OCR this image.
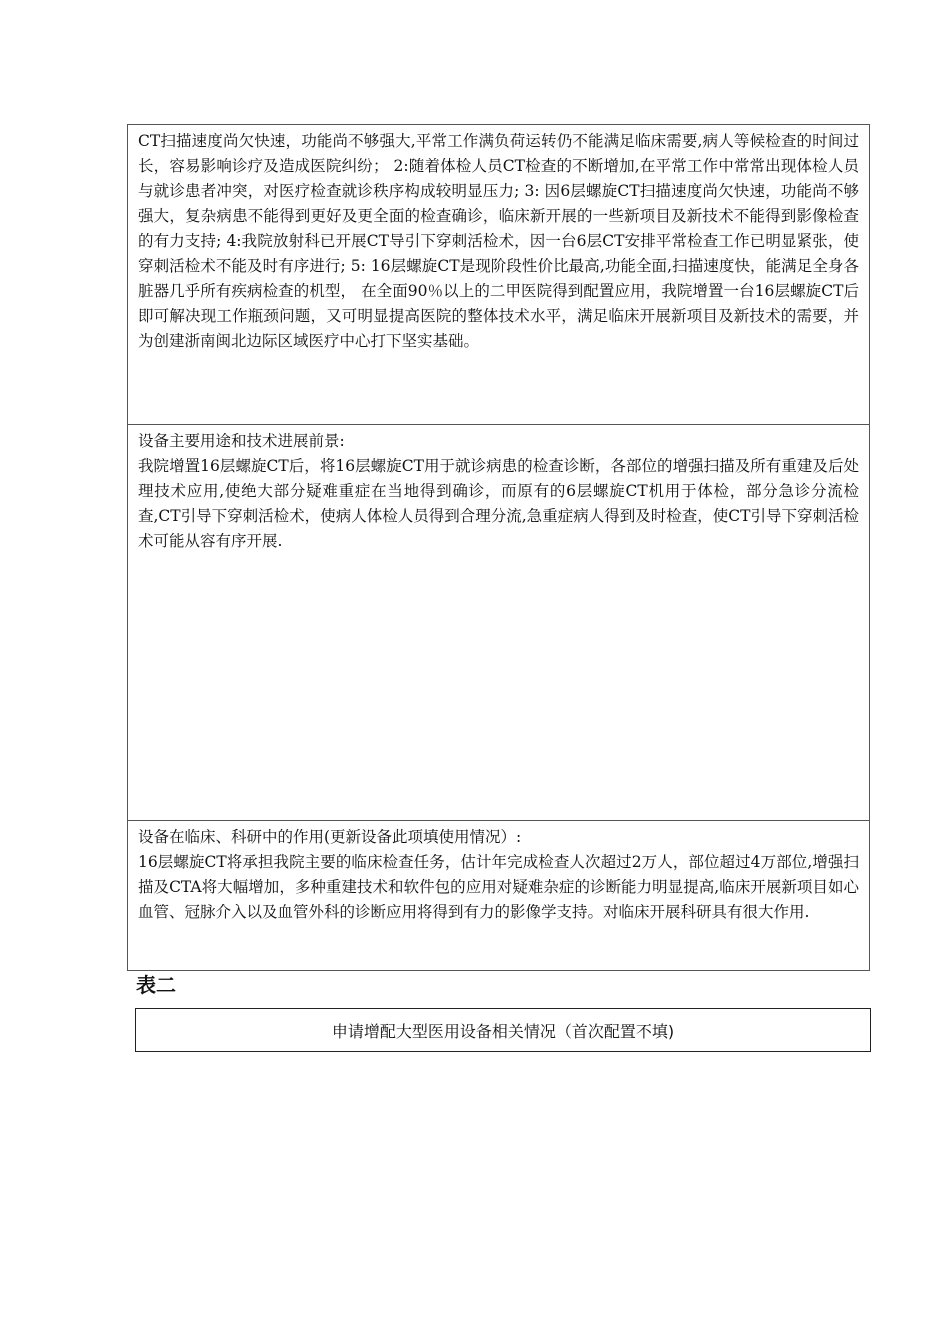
CT扫描速度尚欠快速，功能尚不够强大,平常工作满负荷运转仍不能满足临床需要,病人等候检查的时间过长，容易影响诊疗及造成医院纠纷； 2:随着体检人员CT检查的不断增加,在平常工作中常常出现体检人员与就诊患者冲突，对医疗检查就诊秩序构成较明显压力; 3: 因6层螺旋CT扫描速度尚欠快速，功能尚不够强大，复杂病患不能得到更好及更全面的检查确诊，临床新开展的一些新项目及新技术不能得到影像检查的有力支持; 4:我院放射科已开展CT导引下穿刺活检术，因一台6层CT安排平常检查工作已明显紧张，使穿刺活检术不能及时有序进行; 5: 16层螺旋CT是现阶段性价比最高,功能全面,扫描速度快，能满足全身各脏器几乎所有疾病检查的机型， 在全面90％以上的二甲医院得到配置应用，我院增置一台16层螺旋CT后即可解决现工作瓶颈问题，又可明显提高医院的整体技术水平，满足临床开展新项目及新技术的需要，并为创建浙南闽北边际区域医疗中心打下坚实基础。

设备主要用途和技术进展前景:

我院增置16层螺旋CT后，将16层螺旋CT用于就诊病患的检查诊断，各部位的增强扫描及所有重建及后处理技术应用,使绝大部分疑难重症在当地得到确诊，而原有的6层螺旋CT机用于体检，部分急诊分流检查,CT引导下穿刺活检术，使病人体检人员得到合理分流,急重症病人得到及时检查，使CT引导下穿刺活检术可能从容有序开展.

设备在临床、科研中的作用(更新设备此项填使用情况）:

16层螺旋CT将承担我院主要的临床检查任务，估计年完成检查人次超过2万人，部位超过4万部位,增强扫描及CTA将大幅增加，多种重建技术和软件包的应用对疑难杂症的诊断能力明显提高,临床开展新项目如心血管、冠脉介入以及血管外科的诊断应用将得到有力的影像学支持。对临床开展科研具有很大作用.

表二
申请增配大型医用设备相关情况（首次配置不填)
